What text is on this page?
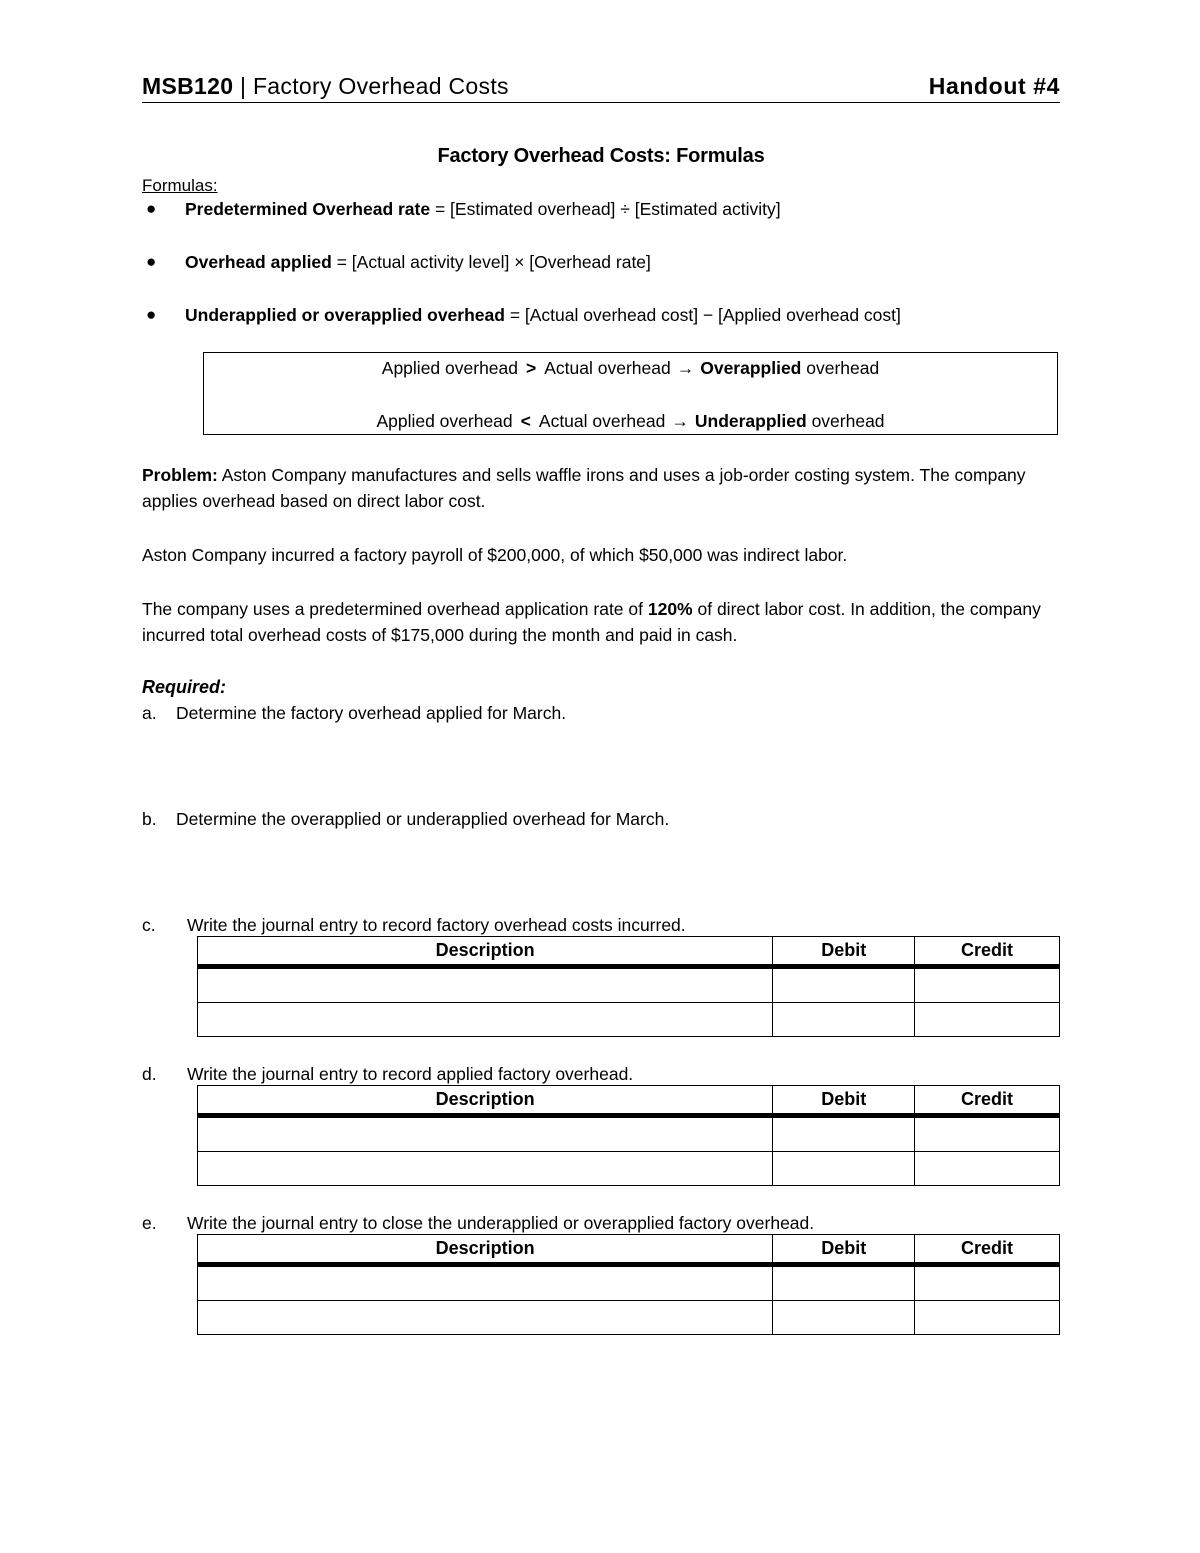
MSB120 | Factory Overhead Costs	Handout #4
Factory Overhead Costs: Formulas
Formulas:
● Predetermined Overhead rate = [Estimated overhead] ÷ [Estimated activity]
● Overhead applied = [Actual activity level] × [Overhead rate]
● Underapplied or overapplied overhead = [Actual overhead cost] − [Applied overhead cost]
Applied overhead > Actual overhead → Overapplied overhead
Applied overhead < Actual overhead → Underapplied overhead
Problem: Aston Company manufactures and sells waffle irons and uses a job-order costing system. The company applies overhead based on direct labor cost.
Aston Company incurred a factory payroll of $200,000, of which $50,000 was indirect labor.
The company uses a predetermined overhead application rate of 120% of direct labor cost. In addition, the company incurred total overhead costs of $175,000 during the month and paid in cash.
Required:
a.	Determine the factory overhead applied for March.
b.	Determine the overapplied or underapplied overhead for March.
c.	Write the journal entry to record factory overhead costs incurred.
Description	Debit	Credit

d.	Write the journal entry to record applied factory overhead.
Description	Debit	Credit

e.	Write the journal entry to close the underapplied or overapplied factory overhead.
Description	Debit	Credit
